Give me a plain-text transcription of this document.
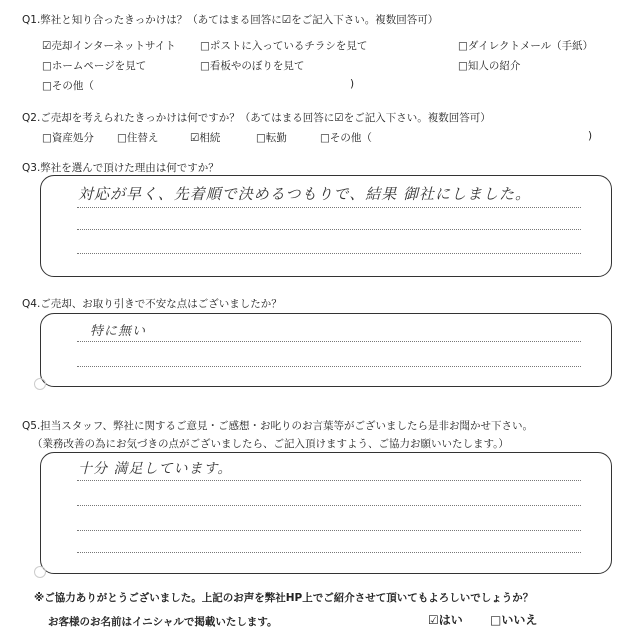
Q1.弊社と知り合ったきっかけは？（あてはまる回答に☑をご記入下さい。複数回答可）
☑売却インターネットサイト □ポストに入っているチラシを見て	□ダイレクトメール（手紙）
□ホームページを見て	□看板やのぼりを見て	□知人の紹介
□その他（	)
Q2.ご売却を考えられたきっかけは何ですか？（あてはまる回答に☑をご記入下さい。複数回答可）
□資産処分 □住替え	☑相続	□転勤	□その他（	)
Q3.弊社を選んで頂けた理由は何ですか？
対応が早く、先着順で決めるつもりで、結果 御社にしました。
Q4.ご売却、お取り引きで不安な点はございましたか？
特に無い
Q5.担当スタッフ、弊社に関するご意見・ご感想・お叱りのお言葉等がございましたら是非お聞かせ下さい。
（業務改善の為にお気づきの点がございましたら、ご記入頂けますよう、ご協力お願いいたします。）
十分 満足しています。
※ご協力ありがとうございました。上記のお声を弊社HP上でご紹介させて頂いてもよろしいでしょうか？
お客様のお名前はイニシャルで掲載いたします。	☑はい □いいえ
